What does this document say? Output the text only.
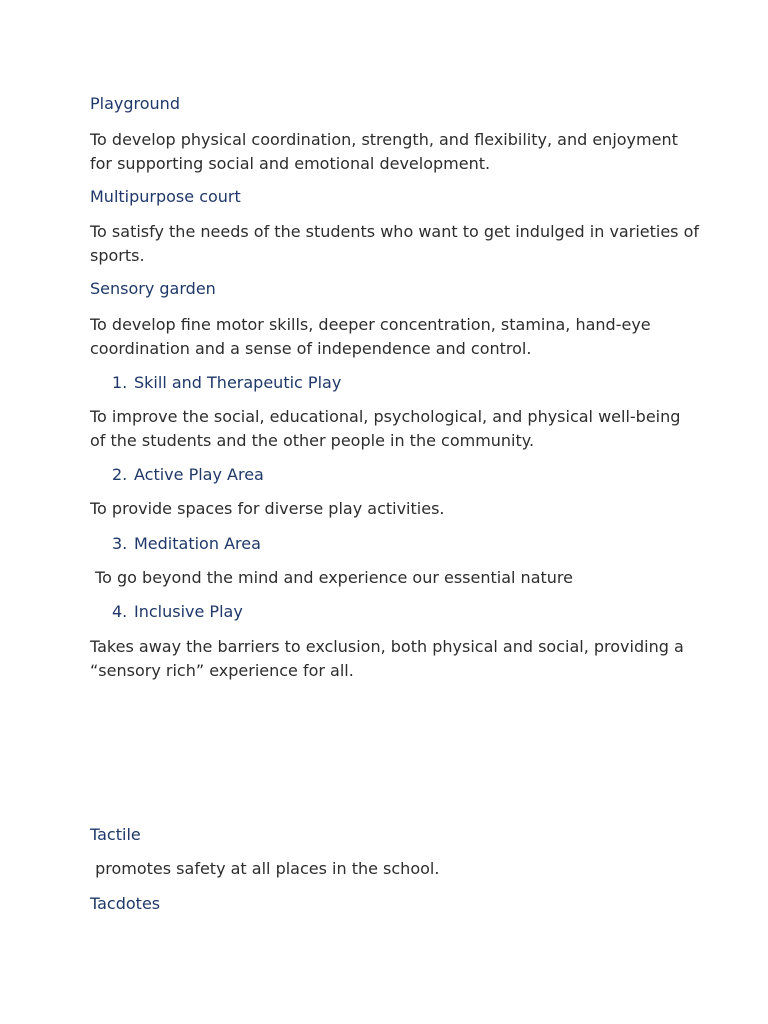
Playground

To develop physical coordination, strength, and flexibility, and enjoyment for supporting social and emotional development.

Multipurpose court

To satisfy the needs of the students who want to get indulged in varieties of sports.

Sensory garden

To develop fine motor skills, deeper concentration, stamina, hand-eye coordination and a sense of independence and control.

1. Skill and Therapeutic Play

To improve the social, educational, psychological, and physical well-being of the students and the other people in the community.

2. Active Play Area

To provide spaces for diverse play activities.

3. Meditation Area

To go beyond the mind and experience our essential nature

4. Inclusive Play

Takes away the barriers to exclusion, both physical and social, providing a “sensory rich” experience for all.

Tactile

promotes safety at all places in the school.

Tacdotes
